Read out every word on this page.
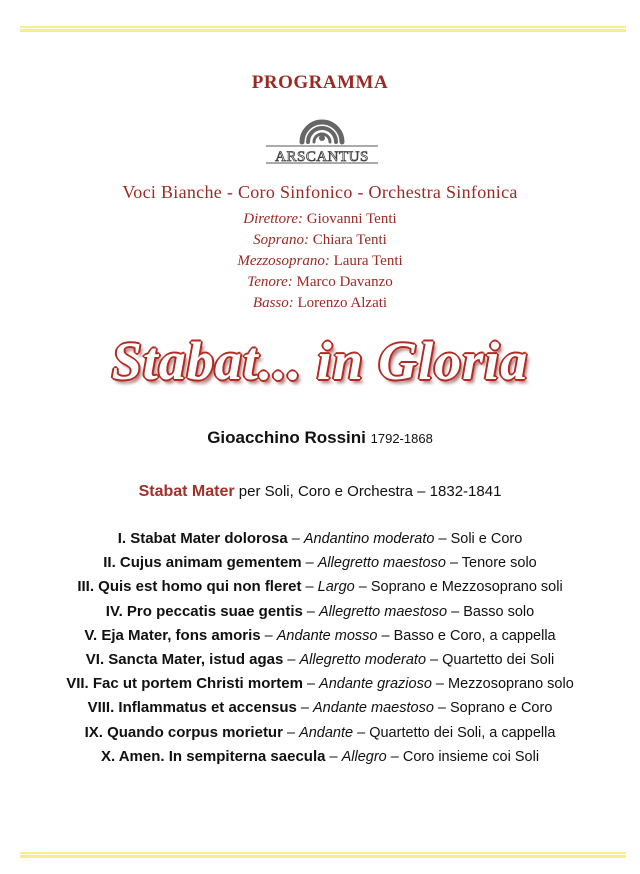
PROGRAMMA
ARSCANTUS
Voci Bianche - Coro Sinfonico - Orchestra Sinfonica
Direttore: Giovanni Tenti
Soprano: Chiara Tenti
Mezzosoprano: Laura Tenti
Tenore: Marco Davanzo
Basso: Lorenzo Alzati
Stabat... in Gloria
Gioacchino Rossini 1792-1868
Stabat Mater per Soli, Coro e Orchestra – 1832-1841
I. Stabat Mater dolorosa – Andantino moderato – Soli e Coro
II. Cujus animam gementem – Allegretto maestoso – Tenore solo
III. Quis est homo qui non fleret – Largo – Soprano e Mezzosoprano soli
IV. Pro peccatis suae gentis – Allegretto maestoso – Basso solo
V. Eja Mater, fons amoris – Andante mosso – Basso e Coro, a cappella
VI. Sancta Mater, istud agas – Allegretto moderato – Quartetto dei Soli
VII. Fac ut portem Christi mortem – Andante grazioso – Mezzosoprano solo
VIII. Inflammatus et accensus – Andante maestoso – Soprano e Coro
IX. Quando corpus morietur – Andante – Quartetto dei Soli, a cappella
X. Amen. In sempiterna saecula – Allegro – Coro insieme coi Soli
